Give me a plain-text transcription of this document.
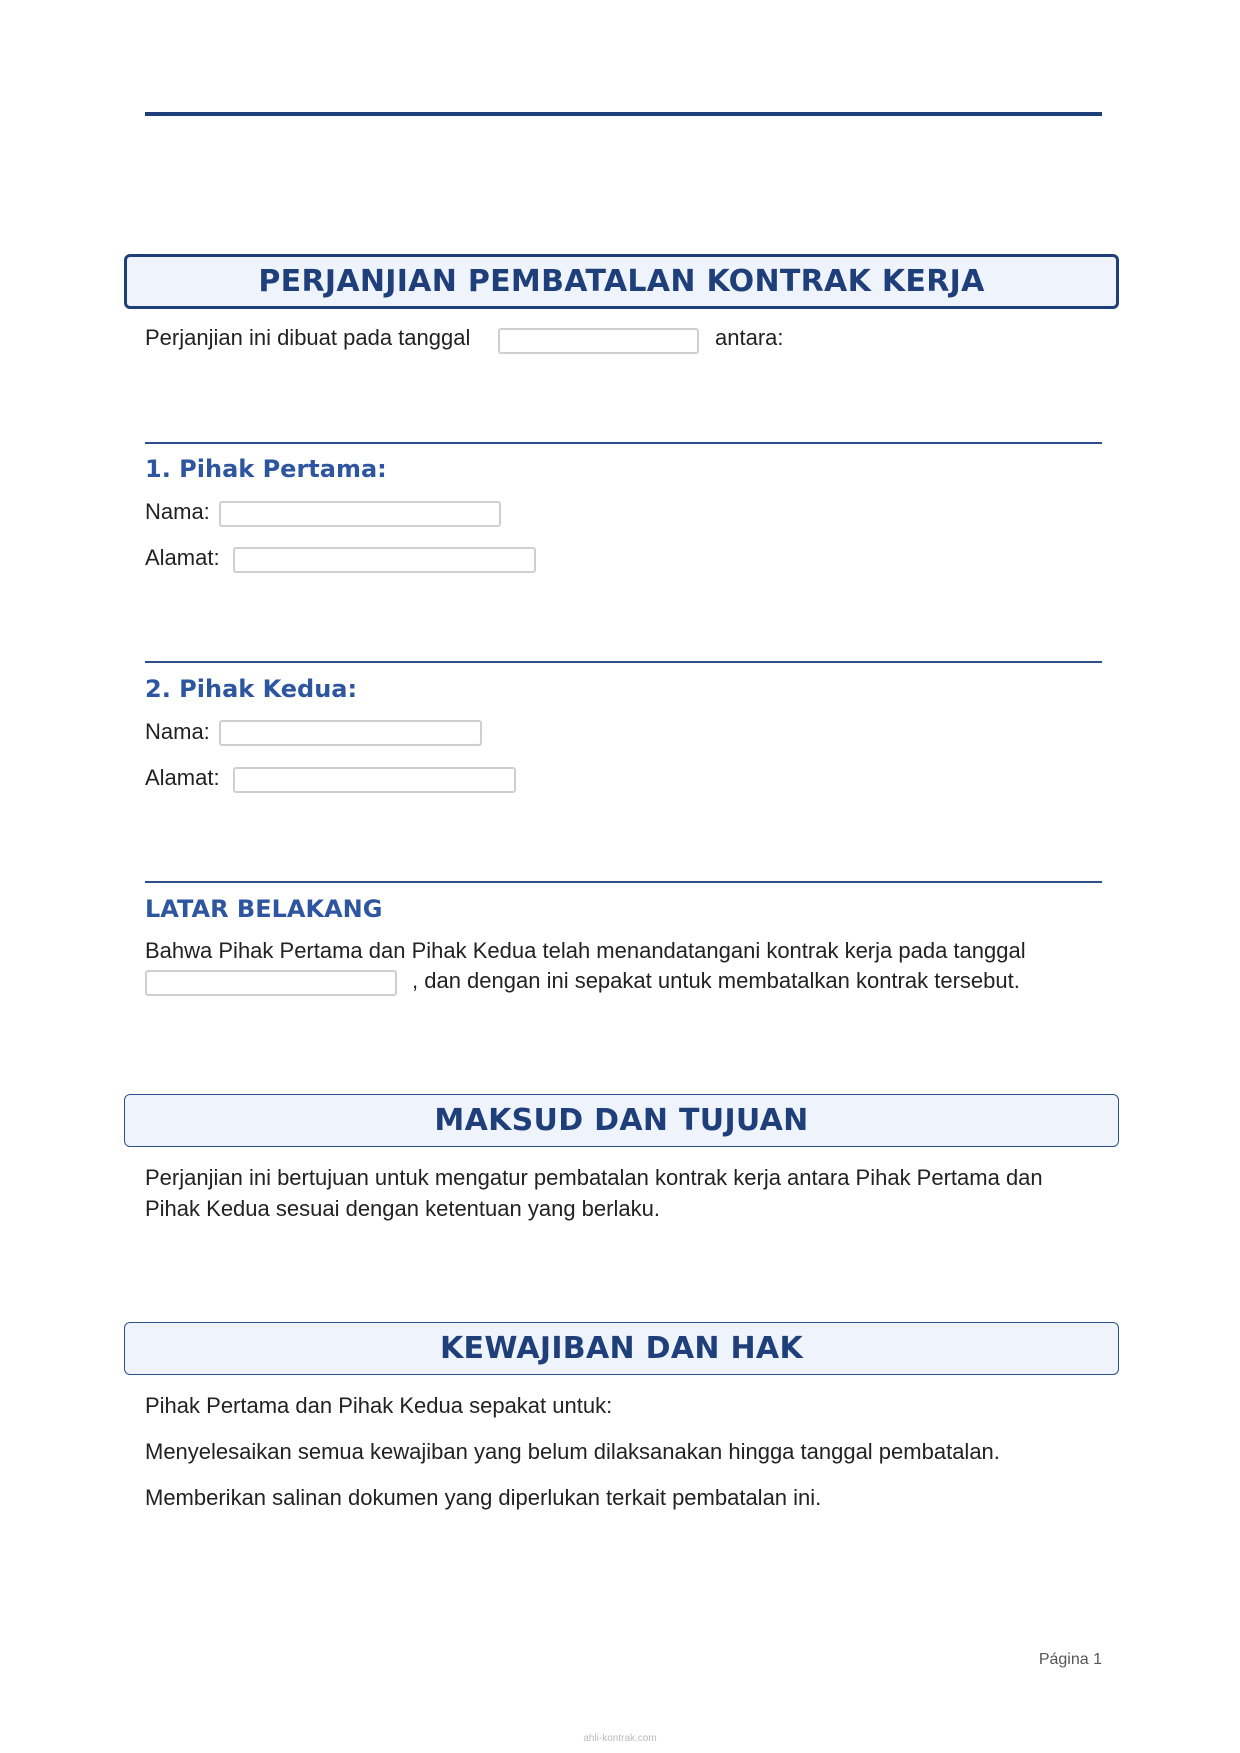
PERJANJIAN PEMBATALAN KONTRAK KERJA
Perjanjian ini dibuat pada tanggal	antara:
1. Pihak Pertama:
Nama:
Alamat:
2. Pihak Kedua:
Nama:
Alamat:
LATAR BELAKANG
Bahwa Pihak Pertama dan Pihak Kedua telah menandatangani kontrak kerja pada tanggal
, dan dengan ini sepakat untuk membatalkan kontrak tersebut.
MAKSUD DAN TUJUAN
Perjanjian ini bertujuan untuk mengatur pembatalan kontrak kerja antara Pihak Pertama dan
Pihak Kedua sesuai dengan ketentuan yang berlaku.
KEWAJIBAN DAN HAK
Pihak Pertama dan Pihak Kedua sepakat untuk:
Menyelesaikan semua kewajiban yang belum dilaksanakan hingga tanggal pembatalan.
Memberikan salinan dokumen yang diperlukan terkait pembatalan ini.
Página 1
ahli-kontrak.com
